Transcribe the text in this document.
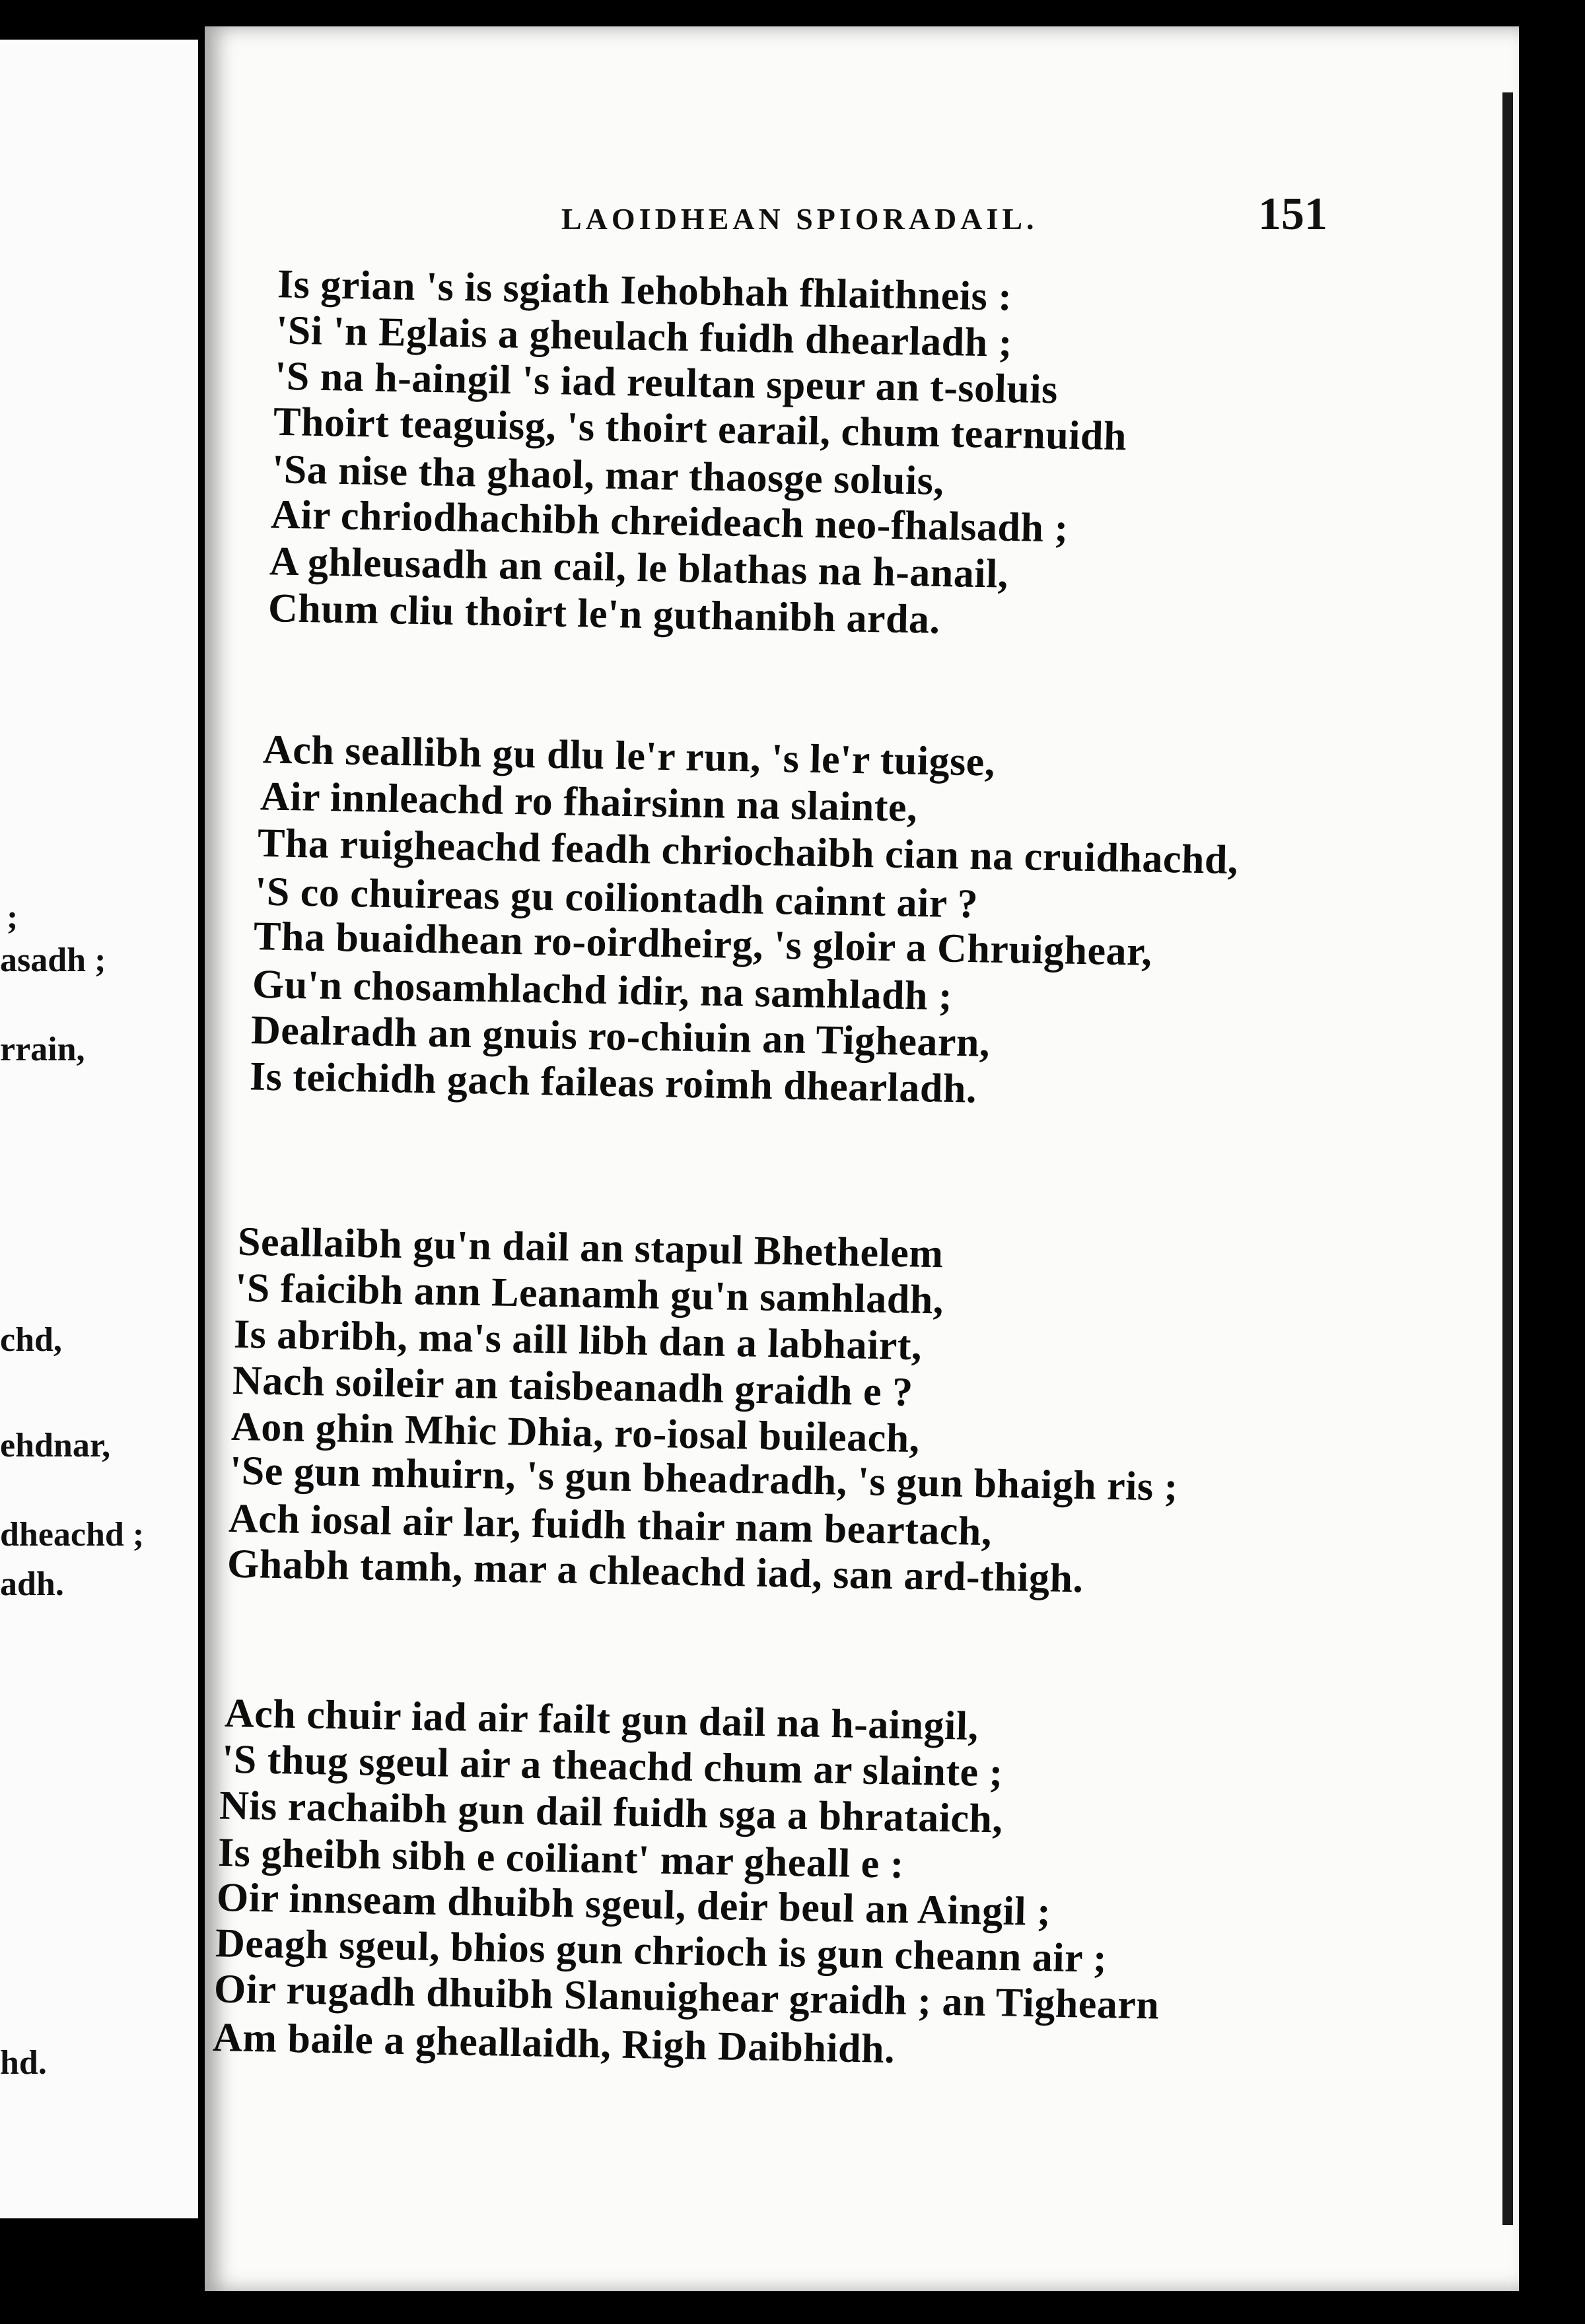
;
asadh ;
rrain,
chd,
ehdnar,
dheachd ;
adh.
hd.
LAOIDHEAN SPIORADAIL.	151
Is grian 's is sgiath Iehobhah fhlaithneis :
'Si 'n Eglais a gheulach fuidh dhearladh ;
'S na h-aingil 's iad reultan speur an t-soluis
Thoirt teaguisg, 's thoirt earail, chum tearnuidh
'Sa nise tha ghaol, mar thaosge soluis,
Air chriodhachibh chreideach neo-fhalsadh ;
A ghleusadh an cail, le blathas na h-anail,
Chum cliu thoirt le'n guthanibh arda.
Ach seallibh gu dlu le'r run, 's le'r tuigse,
Air innleachd ro fhairsinn na slainte,
Tha ruigheachd feadh chriochaibh cian na cruidhachd,
'S co chuireas gu coiliontadh cainnt air ?
Tha buaidhean ro-oirdheirg, 's gloir a Chruighear,
Gu'n chosamhlachd idir, na samhladh ;
Dealradh an gnuis ro-chiuin an Tighearn,
Is teichidh gach faileas roimh dhearladh.
Seallaibh gu'n dail an stapul Bhethelem
'S faicibh ann Leanamh gu'n samhladh,
Is abribh, ma's aill libh dan a labhairt,
Nach soileir an taisbeanadh graidh e ?
Aon ghin Mhic Dhia, ro-iosal buileach,
'Se gun mhuirn, 's gun bheadradh, 's gun bhaigh ris ;
Ach iosal air lar, fuidh thair nam beartach,
Ghabh tamh, mar a chleachd iad, san ard-thigh.
Ach chuir iad air failt gun dail na h-aingil,
'S thug sgeul air a theachd chum ar slainte ;
Nis rachaibh gun dail fuidh sga a bhrataich,
Is gheibh sibh e coiliant' mar gheall e :
Oir innseam dhuibh sgeul, deir beul an Aingil ;
Deagh sgeul, bhios gun chrioch is gun cheann air ;
Oir rugadh dhuibh Slanuighear graidh ; an Tighearn
Am baile a gheallaidh, Righ Daibhidh.
